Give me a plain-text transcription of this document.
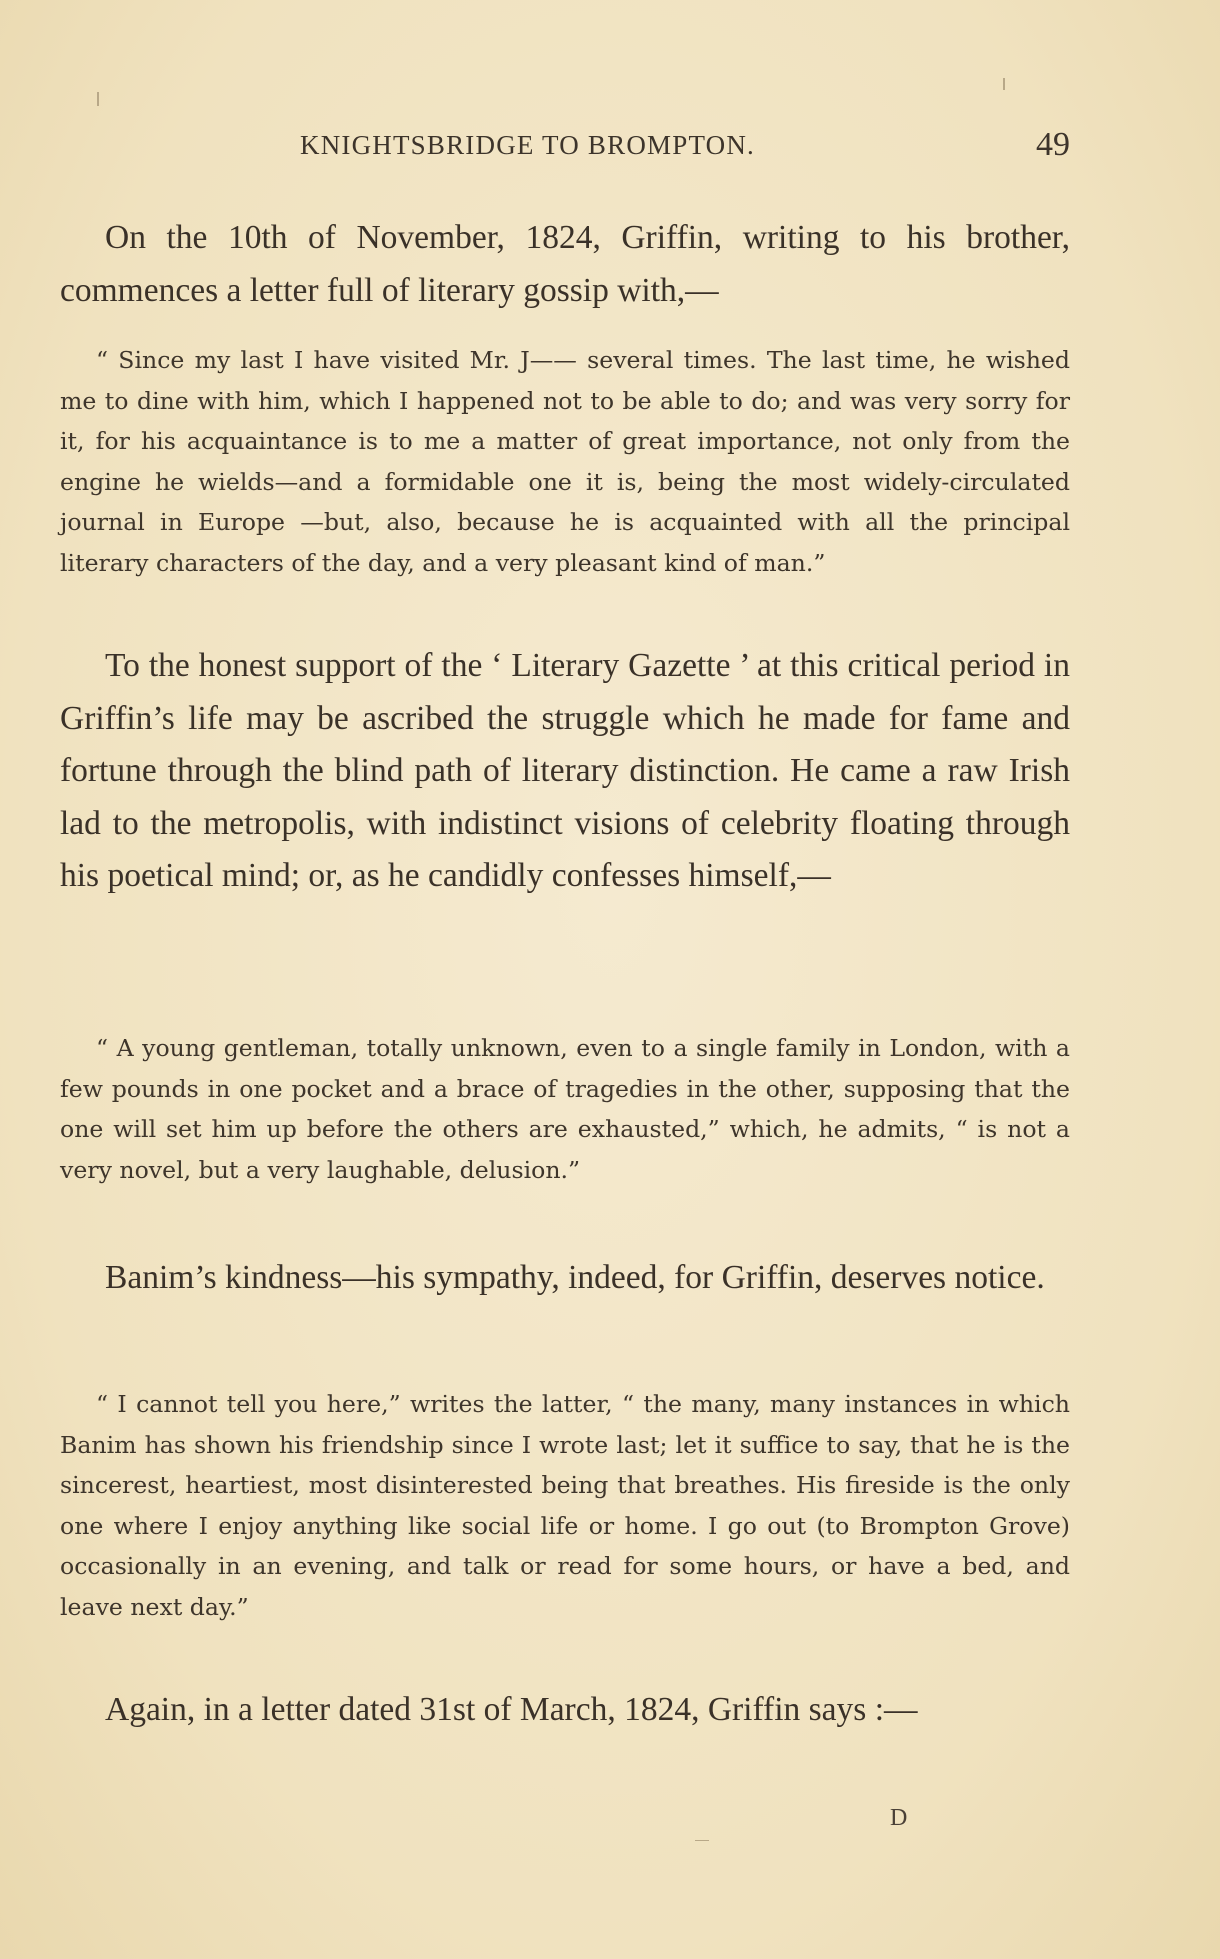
KNIGHTSBRIDGE TO BROMPTON.	49

On the 10th of November, 1824, Griffin, writing to his brother, commences a letter full of literary gossip with,—

“ Since my last I have visited Mr. J—— several times. The last time, he wished me to dine with him, which I happened not to be able to do; and was very sorry for it, for his acquaintance is to me a matter of great importance, not only from the engine he wields—and a formidable one it is, being the most widely-circulated journal in Europe —but, also, because he is acquainted with all the principal literary characters of the day, and a very pleasant kind of man.”

To the honest support of the ‘ Literary Gazette ’ at this critical period in Griffin’s life may be ascribed the struggle which he made for fame and fortune through the blind path of literary distinction. He came a raw Irish lad to the metropolis, with indistinct visions of celebrity floating through his poetical mind; or, as he candidly confesses himself,—

“ A young gentleman, totally unknown, even to a single family in London, with a few pounds in one pocket and a brace of tragedies in the other, supposing that the one will set him up before the others are exhausted,” which, he admits, “ is not a very novel, but a very laughable, delusion.”

Banim’s kindness—his sympathy, indeed, for Griffin, deserves notice.

“ I cannot tell you here,” writes the latter, “ the many, many instances in which Banim has shown his friendship since I wrote last; let it suffice to say, that he is the sincerest, heartiest, most disinterested being that breathes. His fireside is the only one where I enjoy anything like social life or home. I go out (to Brompton Grove) occasionally in an evening, and talk or read for some hours, or have a bed, and leave next day.”

Again, in a letter dated 31st of March, 1824, Griffin says :—

D
